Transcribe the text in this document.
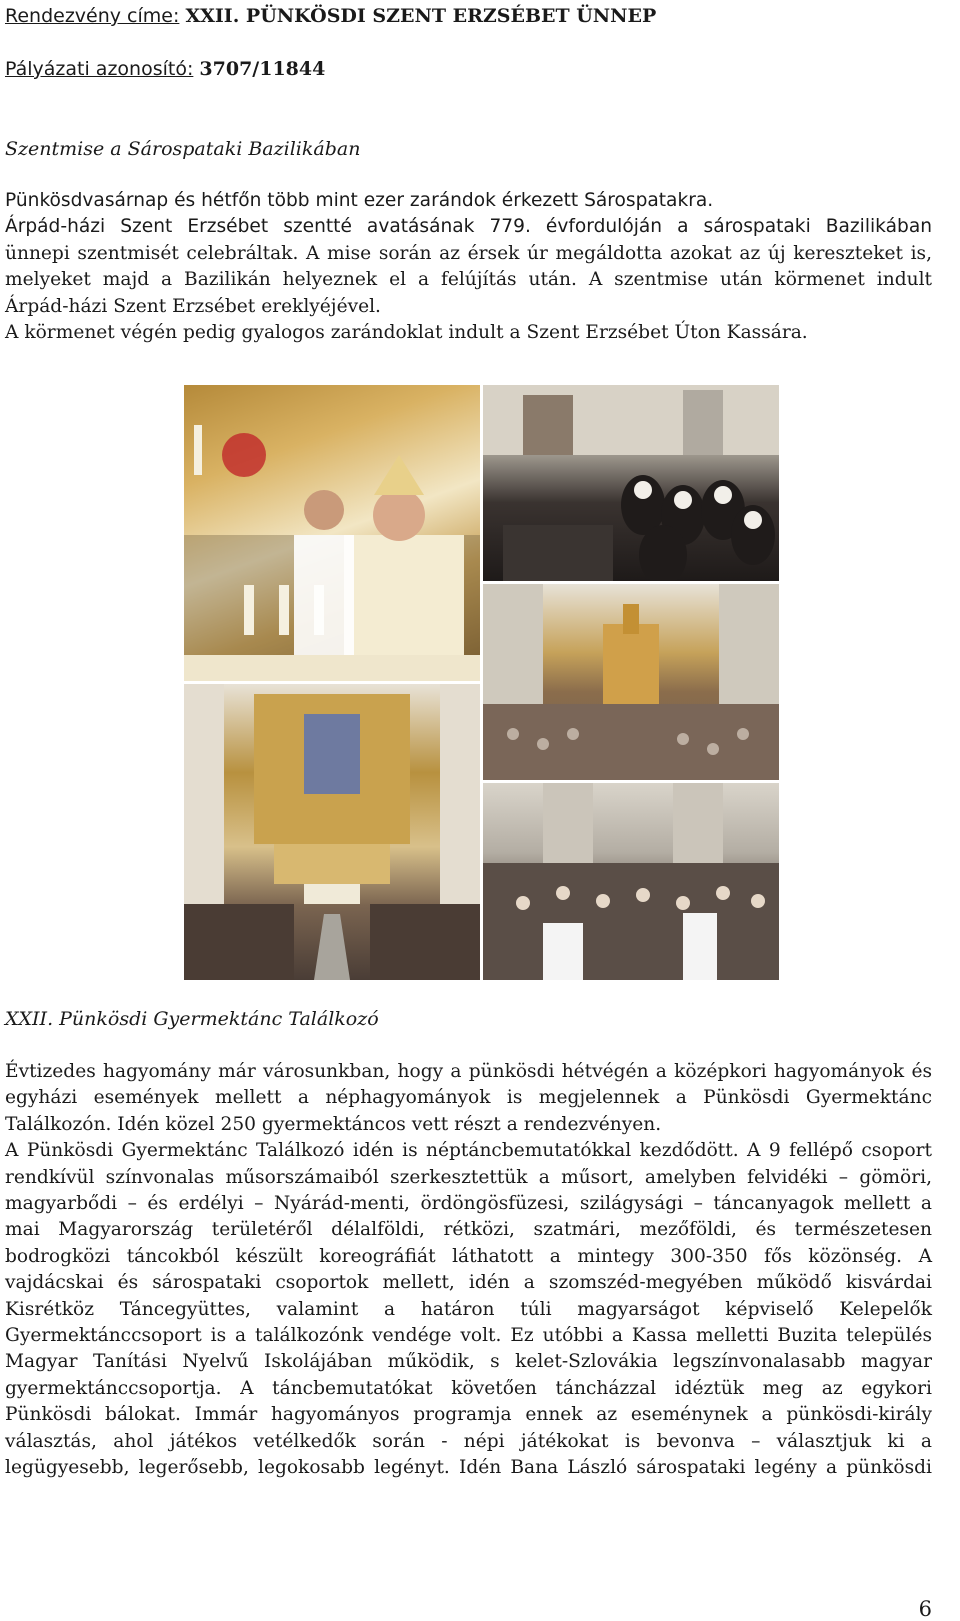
Rendezvény címe: XXII. PÜNKÖSDI SZENT ERZSÉBET ÜNNEP
Pályázati azonosító: 3707/11844
Szentmise a Sárospataki Bazilikában

Pünkösdvasárnap és hétfőn több mint ezer zarándok érkezett Sárospatakra.

Árpád-házi Szent Erzsébet szentté avatásának 779. évfordulóján a sárospataki Bazilikában

ünnepi szentmisét celebráltak. A mise során az érsek úr megáldotta azokat az új kereszteket is,

melyeket majd a Bazilikán helyeznek el a felújítás után. A szentmise után körmenet indult

Árpád-házi Szent Erzsébet ereklyéjével.

A körmenet végén pedig gyalogos zarándoklat indult a Szent Erzsébet Úton Kassára.

XXII. Pünkösdi Gyermektánc Találkozó

Évtizedes hagyomány már városunkban, hogy a pünkösdi hétvégén a középkori hagyományok és

egyházi események mellett a néphagyományok is megjelennek a Pünkösdi Gyermektánc

Találkozón. Idén közel 250 gyermektáncos vett részt a rendezvényen.

A Pünkösdi Gyermektánc Találkozó idén is néptáncbemutatókkal kezdődött. A 9 fellépő csoport

rendkívül színvonalas műsorszámaiból szerkesztettük a műsort, amelyben felvidéki – gömöri,

magyarbődi – és erdélyi – Nyárád-menti, ördöngösfüzesi, szilágysági – táncanyagok mellett a

mai Magyarország területéről délalföldi, rétközi, szatmári, mezőföldi, és természetesen

bodrogközi táncokból készült koreográfiát láthatott a mintegy 300-350 fős közönség. A

vajdácskai és sárospataki csoportok mellett, idén a szomszéd-megyében működő kisvárdai

Kisrétköz Táncegyüttes, valamint a határon túli magyarságot képviselő Kelepelők

Gyermektánccsoport is a találkozónk vendége volt. Ez utóbbi a Kassa melletti Buzita település

Magyar Tanítási Nyelvű Iskolájában működik, s kelet-Szlovákia legszínvonalasabb magyar

gyermektánccsoportja. A táncbemutatókat követően táncházzal idéztük meg az egykori

Pünkösdi bálokat. Immár hagyományos programja ennek az eseménynek a pünkösdi-király

választás, ahol játékos vetélkedők során - népi játékokat is bevonva – választjuk ki a

legügyesebb, legerősebb, legokosabb legényt. Idén Bana László sárospataki legény a pünkösdi

6
